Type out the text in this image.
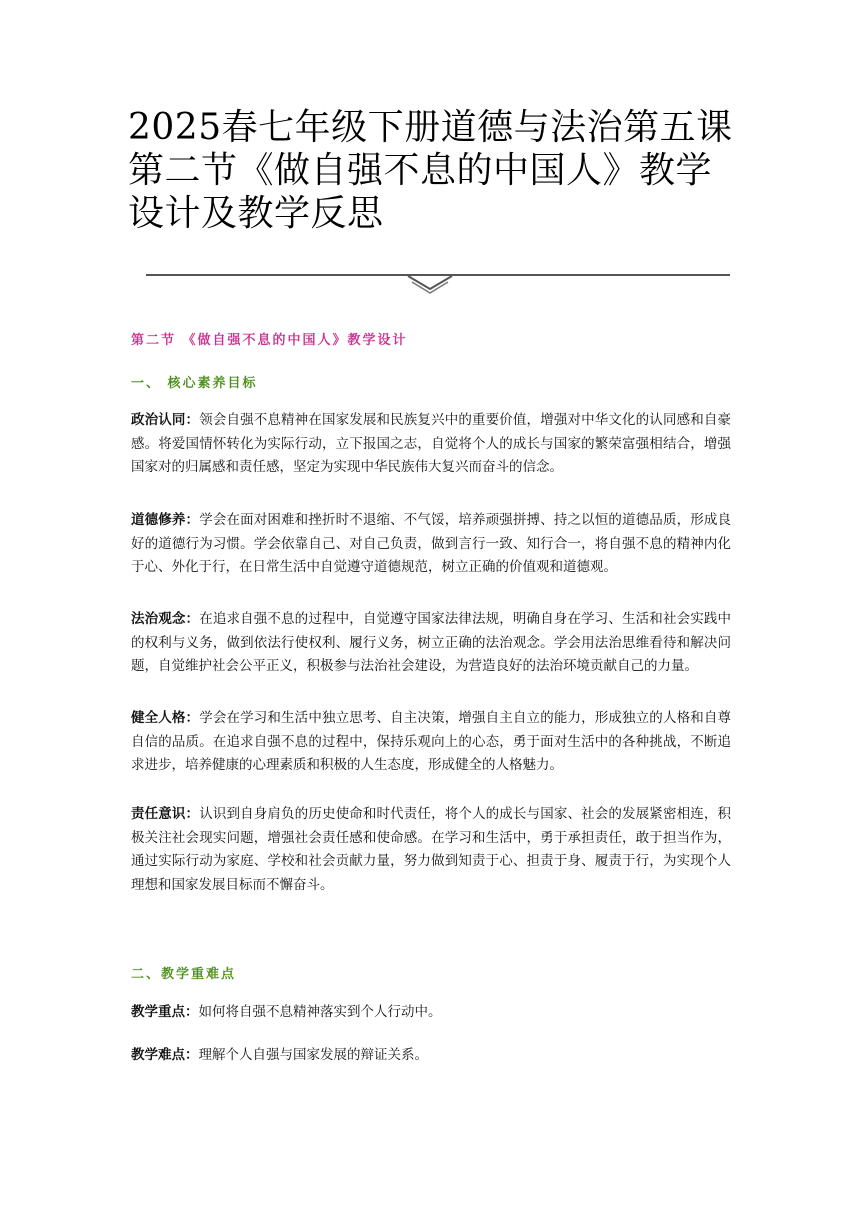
2025春七年级下册道德与法治第五课第二节《做自强不息的中国人》教学设计及教学反思
第二节 《做自强不息的中国人》教学设计
一、 核心素养目标

政治认同：领会自强不息精神在国家发展和民族复兴中的重要价值，增强对中华文化的认同感和自豪感。将爱国情怀转化为实际行动，立下报国之志，自觉将个人的成长与国家的繁荣富强相结合，增强国家对的归属感和责任感，坚定为实现中华民族伟大复兴而奋斗的信念。

道德修养：学会在面对困难和挫折时不退缩、不气馁，培养顽强拼搏、持之以恒的道德品质，形成良好的道德行为习惯。学会依靠自己、对自己负责，做到言行一致、知行合一，将自强不息的精神内化于心、外化于行，在日常生活中自觉遵守道德规范，树立正确的价值观和道德观。

法治观念：在追求自强不息的过程中，自觉遵守国家法律法规，明确自身在学习、生活和社会实践中的权利与义务，做到依法行使权利、履行义务，树立正确的法治观念。学会用法治思维看待和解决问题，自觉维护社会公平正义，积极参与法治社会建设，为营造良好的法治环境贡献自己的力量。

健全人格：学会在学习和生活中独立思考、自主决策，增强自主自立的能力，形成独立的人格和自尊自信的品质。在追求自强不息的过程中，保持乐观向上的心态，勇于面对生活中的各种挑战，不断追求进步，培养健康的心理素质和积极的人生态度，形成健全的人格魅力。

责任意识：认识到自身肩负的历史使命和时代责任，将个人的成长与国家、社会的发展紧密相连，积极关注社会现实问题，增强社会责任感和使命感。在学习和生活中，勇于承担责任，敢于担当作为，通过实际行动为家庭、学校和社会贡献力量，努力做到知责于心、担责于身、履责于行，为实现个人理想和国家发展目标而不懈奋斗。

二、教学重难点

教学重点：如何将自强不息精神落实到个人行动中。

教学难点：理解个人自强与国家发展的辩证关系。
